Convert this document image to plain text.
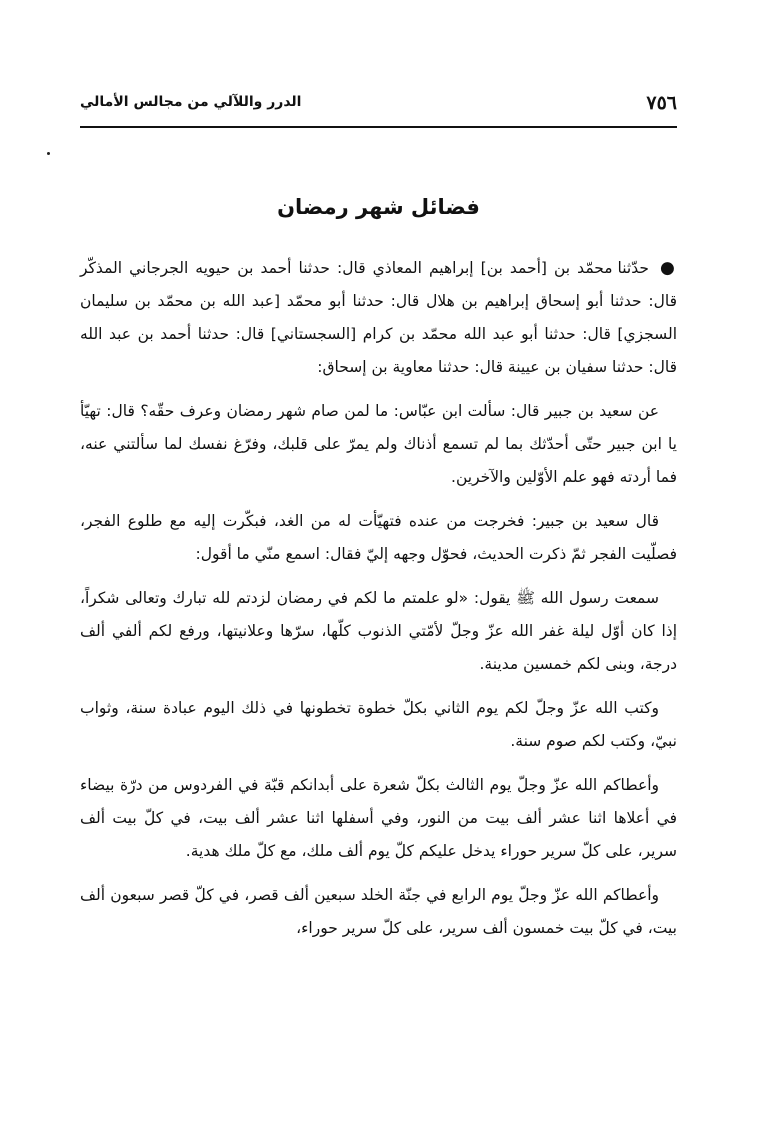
٧٥٦
الدرر واللآلي من مجالس الأمالي
فضائل شهر رمضان

● حدّثنا محمّد بن [أحمد بن] إبراهيم المعاذي قال: حدثنا أحمد بن حيويه الجرجاني المذكّر قال: حدثنا أبو إسحاق إبراهيم بن هلال قال: حدثنا أبو محمّد [عبد الله بن محمّد بن سليمان السجزي] قال: حدثنا أبو عبد الله محمّد بن كرام [السجستاني] قال: حدثنا أحمد بن عبد الله قال: حدثنا سفيان بن عيينة قال: حدثنا معاوية بن إسحاق:

عن سعيد بن جبير قال: سألت ابن عبّاس: ما لمن صام شهر رمضان وعرف حقّه؟ قال: تهيّأ يا ابن جبير حتّى أحدّثك بما لم تسمع أذناك ولم يمرّ على قلبك، وفرّغ نفسك لما سألتني عنه، فما أردته فهو علم الأوّلين والآخرين.

قال سعيد بن جبير: فخرجت من عنده فتهيّأت له من الغد، فبكّرت إليه مع طلوع الفجر، فصلّيت الفجر ثمّ ذكرت الحديث، فحوّل وجهه إليّ فقال: اسمع منّي ما أقول:

سمعت رسول الله ﷺ يقول: «لو علمتم ما لكم في رمضان لزدتم لله تبارك وتعالى شكراً، إذا كان أوّل ليلة غفر الله عزّ وجلّ لأمّتي الذنوب كلّها، سرّها وعلانيتها، ورفع لكم ألفي ألف درجة، وبنى لكم خمسين مدينة.

وكتب الله عزّ وجلّ لكم يوم الثاني بكلّ خطوة تخطونها في ذلك اليوم عبادة سنة، وثواب نبيّ، وكتب لكم صوم سنة.

وأعطاكم الله عزّ وجلّ يوم الثالث بكلّ شعرة على أبدانكم قبّة في الفردوس من درّة بيضاء في أعلاها اثنا عشر ألف بيت من النور، وفي أسفلها اثنا عشر ألف بيت، في كلّ بيت ألف سرير، على كلّ سرير حوراء يدخل عليكم كلّ يوم ألف ملك، مع كلّ ملك هدية.

وأعطاكم الله عزّ وجلّ يوم الرابع في جنّة الخلد سبعين ألف قصر، في كلّ قصر سبعون ألف بيت، في كلّ بيت خمسون ألف سرير، على كلّ سرير حوراء،
